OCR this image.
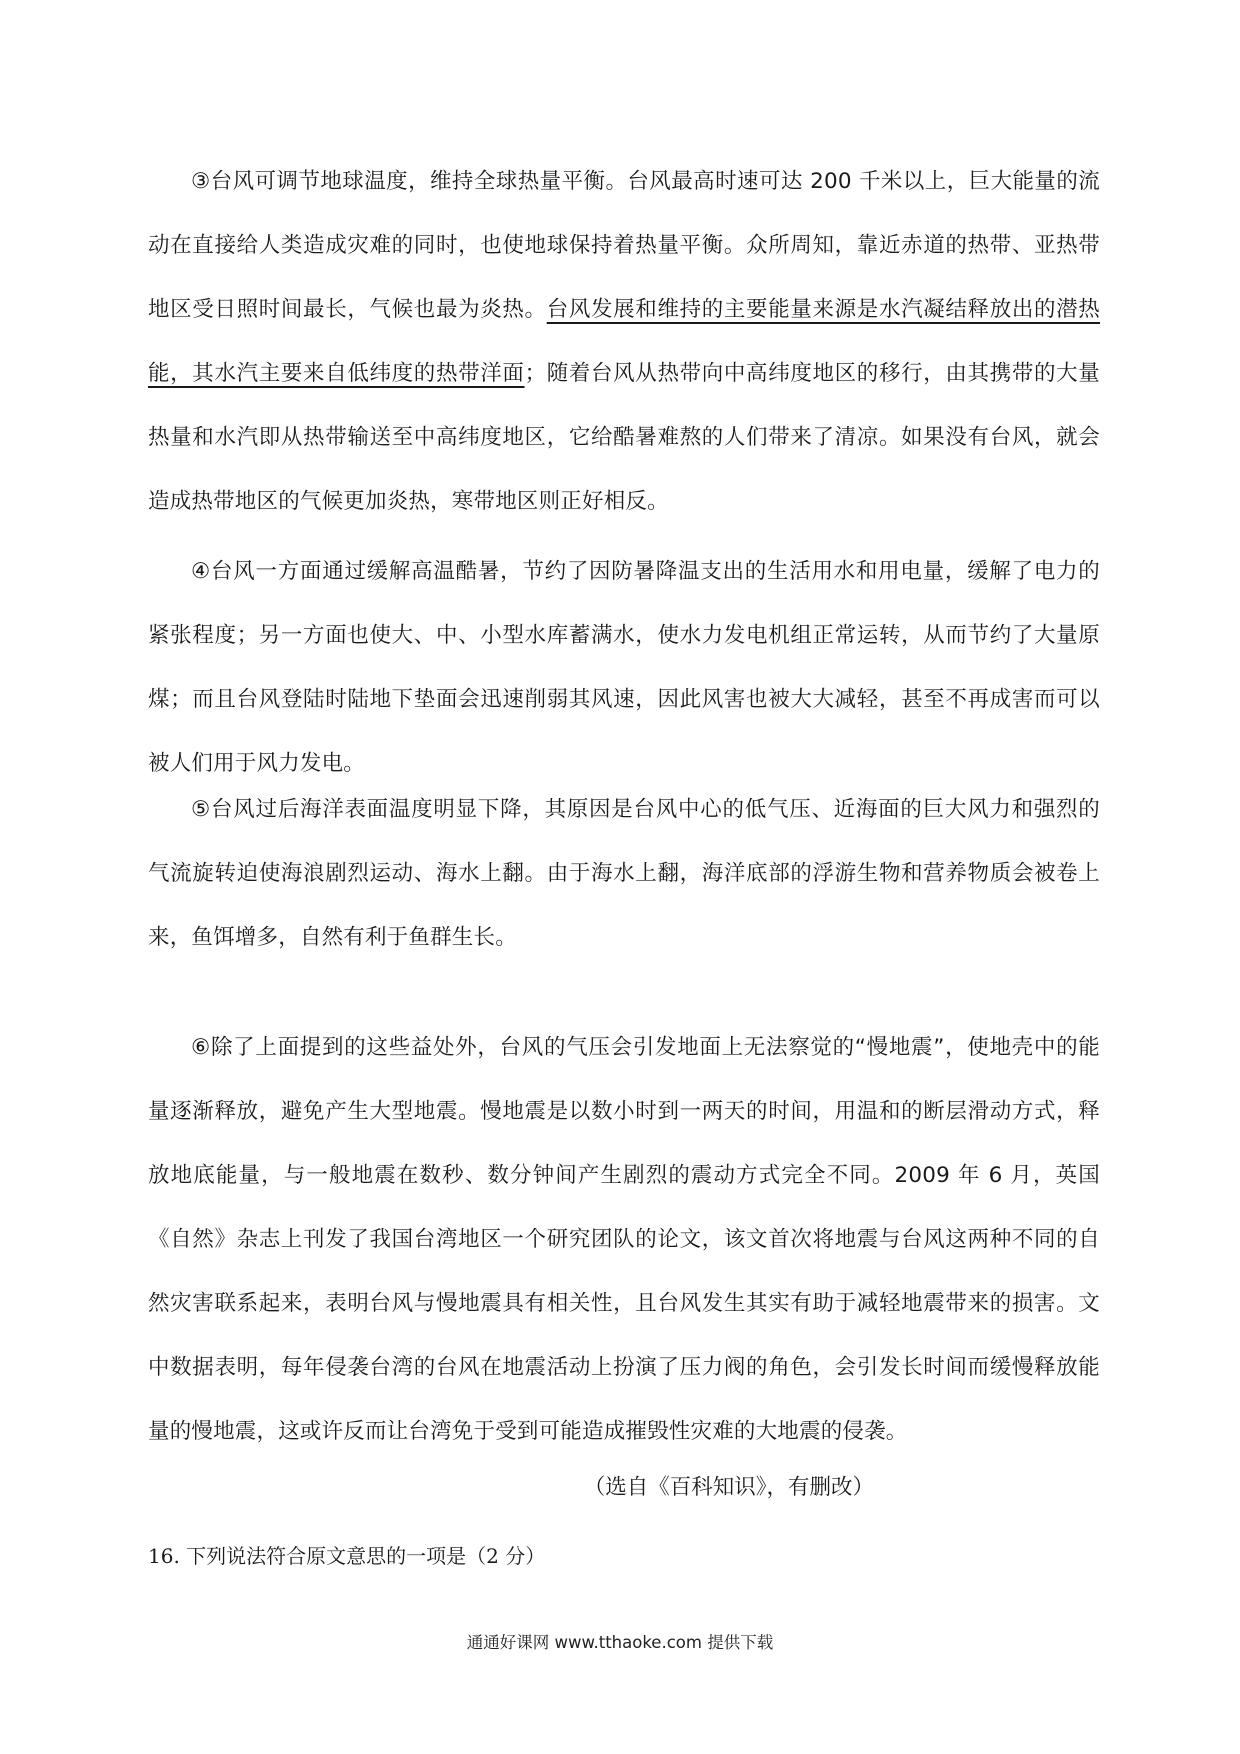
③台风可调节地球温度，维持全球热量平衡。台风最高时速可达 200 千米以上，巨大能量的流动在直接给人类造成灾难的同时，也使地球保持着热量平衡。众所周知，靠近赤道的热带、亚热带地区受日照时间最长，气候也最为炎热。台风发展和维持的主要能量来源是水汽凝结释放出的潜热能，其水汽主要来自低纬度的热带洋面；随着台风从热带向中高纬度地区的移行，由其携带的大量热量和水汽即从热带输送至中高纬度地区，它给酷暑难熬的人们带来了清凉。如果没有台风，就会造成热带地区的气候更加炎热，寒带地区则正好相反。

④台风一方面通过缓解高温酷暑，节约了因防暑降温支出的生活用水和用电量，缓解了电力的紧张程度；另一方面也使大、中、小型水库蓄满水，使水力发电机组正常运转，从而节约了大量原煤；而且台风登陆时陆地下垫面会迅速削弱其风速，因此风害也被大大减轻，甚至不再成害而可以被人们用于风力发电。

⑤台风过后海洋表面温度明显下降，其原因是台风中心的低气压、近海面的巨大风力和强烈的气流旋转迫使海浪剧烈运动、海水上翻。由于海水上翻，海洋底部的浮游生物和营养物质会被卷上来，鱼饵增多，自然有利于鱼群生长。

⑥除了上面提到的这些益处外，台风的气压会引发地面上无法察觉的“慢地震”，使地壳中的能量逐渐释放，避免产生大型地震。慢地震是以数小时到一两天的时间，用温和的断层滑动方式，释放地底能量，与一般地震在数秒、数分钟间产生剧烈的震动方式完全不同。2009 年 6 月，英国《自然》杂志上刊发了我国台湾地区一个研究团队的论文，该文首次将地震与台风这两种不同的自然灾害联系起来，表明台风与慢地震具有相关性，且台风发生其实有助于减轻地震带来的损害。文中数据表明，每年侵袭台湾的台风在地震活动上扮演了压力阀的角色，会引发长时间而缓慢释放能量的慢地震，这或许反而让台湾免于受到可能造成摧毁性灾难的大地震的侵袭。

（选自《百科知识》，有删改）
16. 下列说法符合原文意思的一项是（2 分）
通通好课网 www.tthaoke.com 提供下载
